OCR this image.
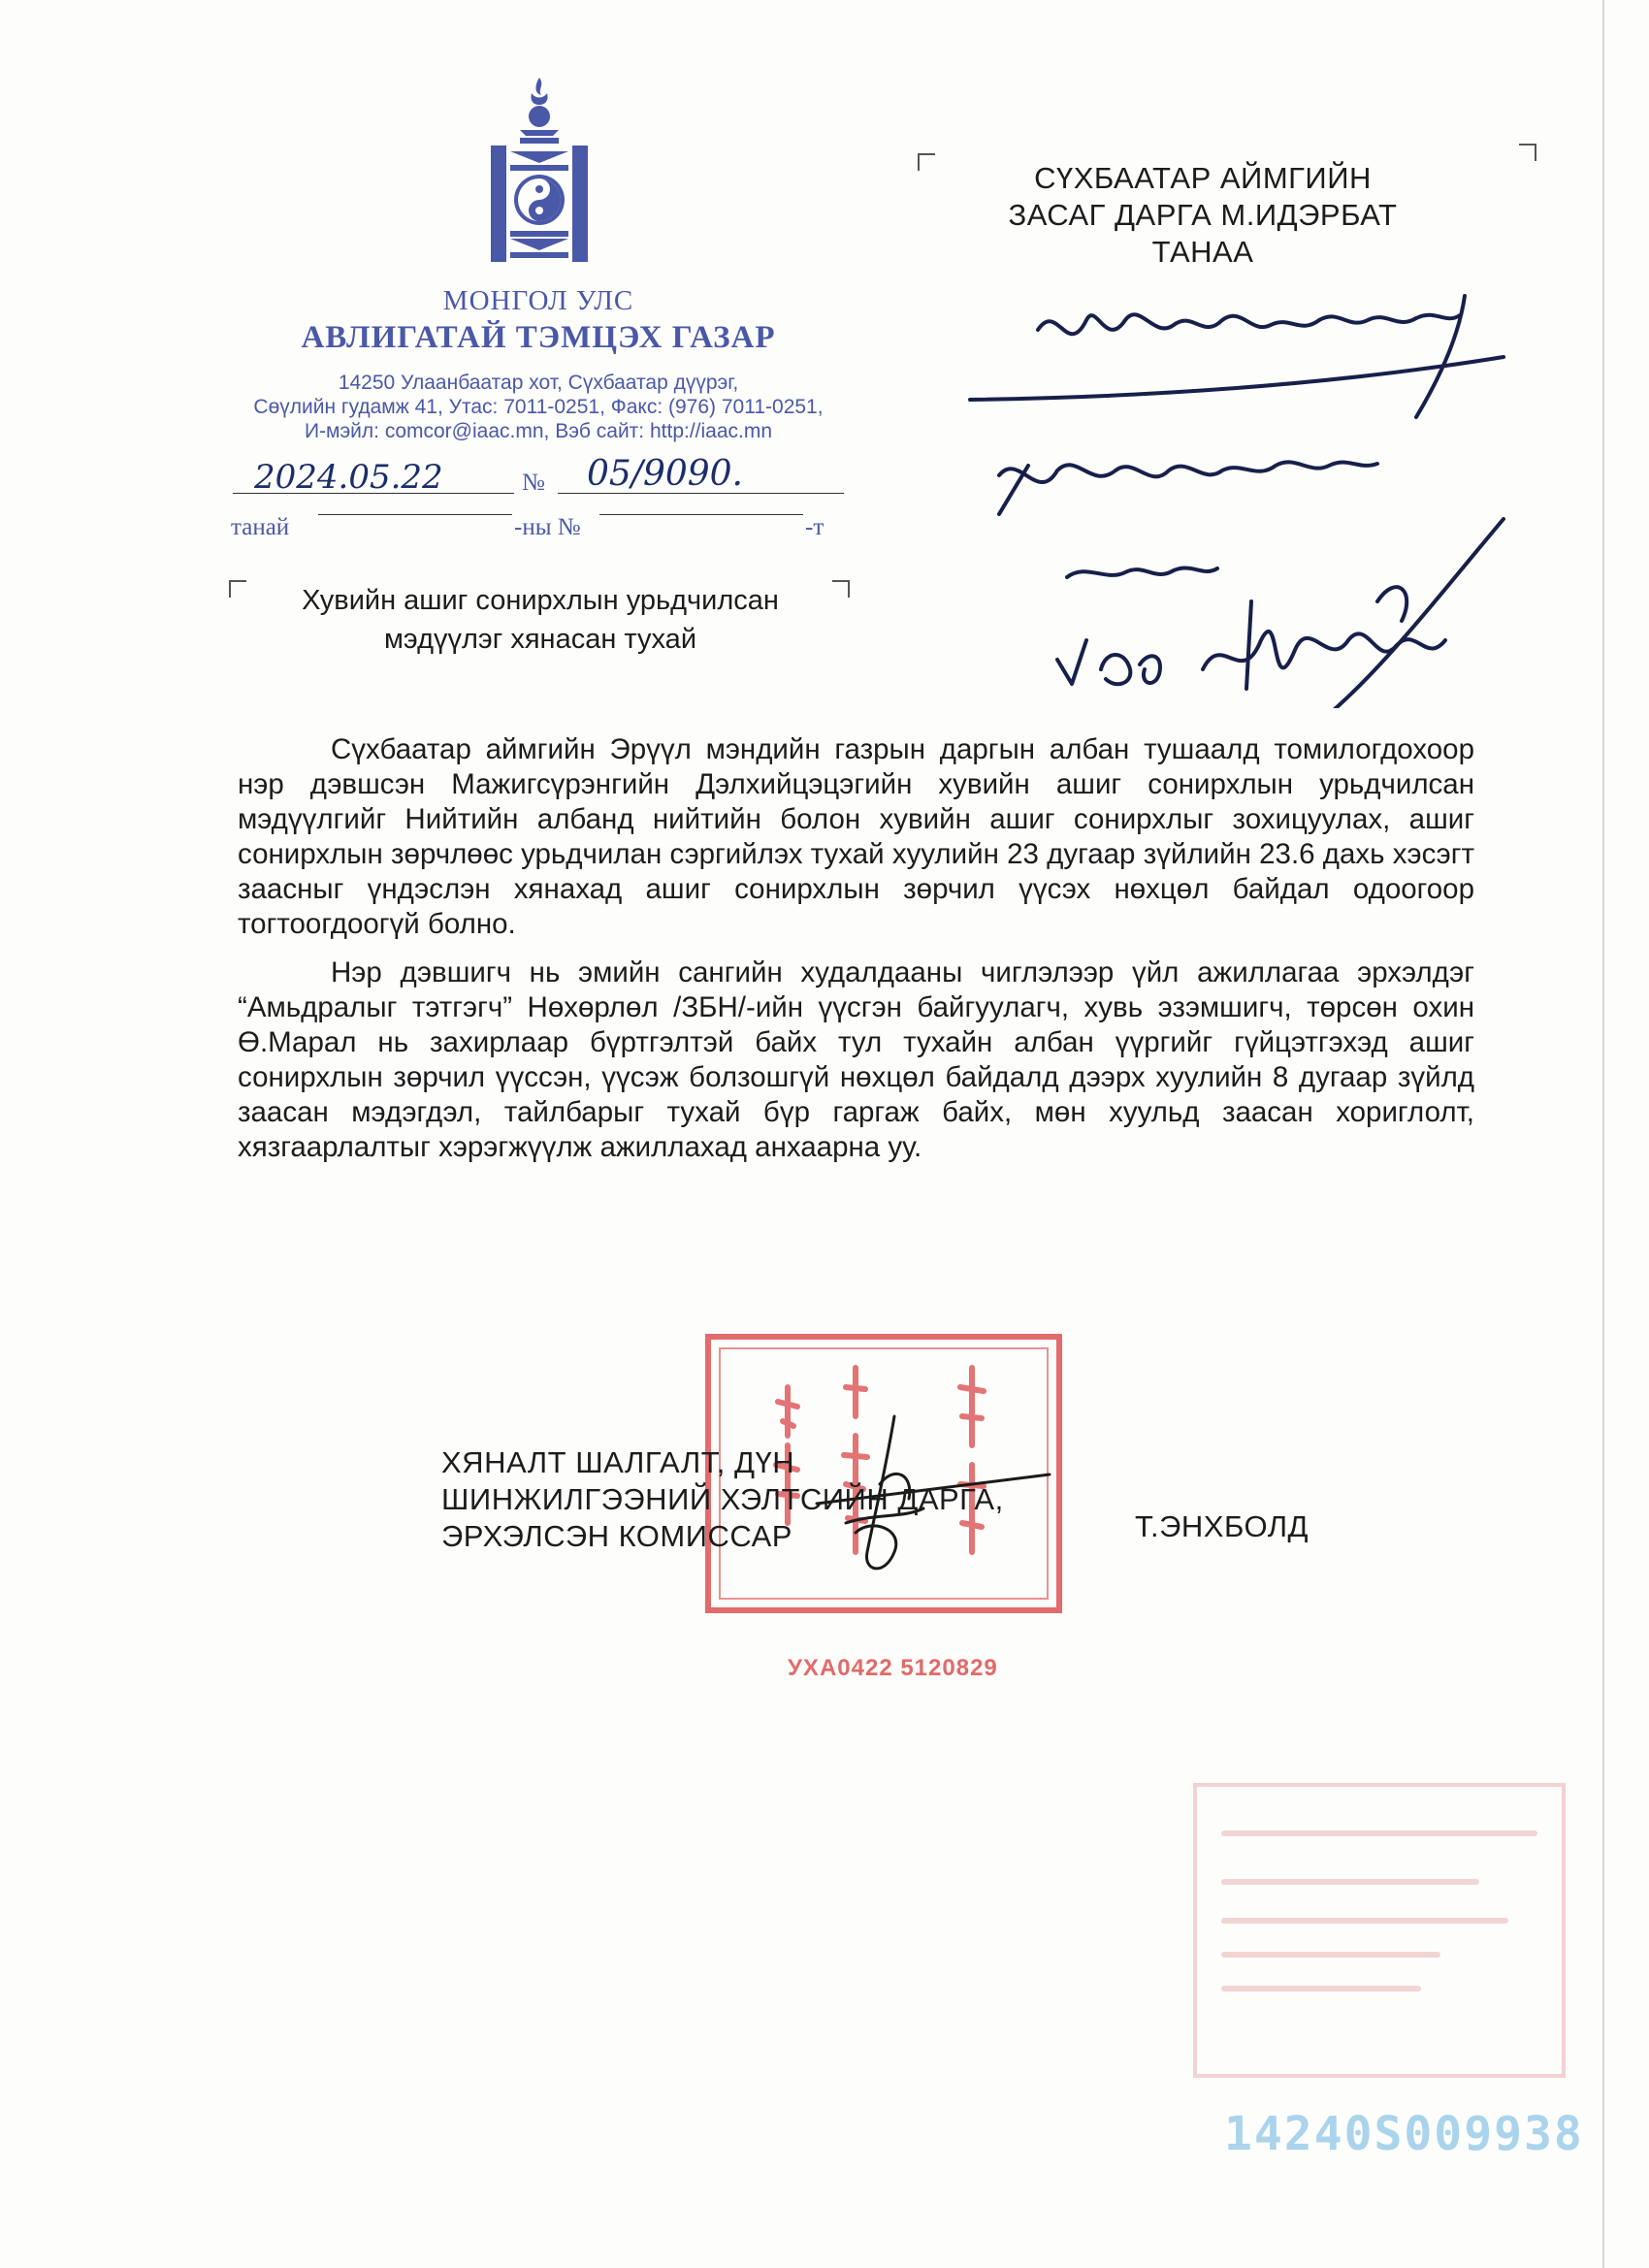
МОНГОЛ УЛС
АВЛИГАТАЙ ТЭМЦЭХ ГАЗАР
14250 Улаанбаатар хот, Сүхбаатар дүүрэг,
Сөүлийн гудамж 41, Утас: 7011-0251, Факс: (976) 7011-0251,
И-мэйл: comcor@iaac.mn, Вэб сайт: http://iaac.mn
2024.05.22	№ 05/9090.
танай	-ны №	-т
Хувийн ашиг сонирхлын урьдчилсан
мэдүүлэг хянасан тухай
СҮХБААТАР АЙМГИЙН
ЗАСАГ ДАРГА М.ИДЭРБАТ
ТАНАА

Сүхбаатар аймгийн Эрүүл мэндийн газрын даргын албан тушаалд томилогдохоор нэр дэвшсэн Мажигсүрэнгийн Дэлхийцэцэгийн хувийн ашиг сонирхлын урьдчилсан мэдүүлгийг Нийтийн албанд нийтийн болон хувийн ашиг сонирхлыг зохицуулах, ашиг сонирхлын зөрчлөөс урьдчилан сэргийлэх тухай хуулийн 23 дугаар зүйлийн 23.6 дахь хэсэгт заасныг үндэслэн хянахад ашиг сонирхлын зөрчил үүсэх нөхцөл байдал одоогоор тогтоогдоогүй болно.

Нэр дэвшигч нь эмийн сангийн худалдааны чиглэлээр үйл ажиллагаа эрхэлдэг “Амьдралыг тэтгэгч” Нөхөрлөл /ЗБН/-ийн үүсгэн байгуулагч, хувь эзэмшигч, төрсөн охин Ө.Марал нь захирлаар бүртгэлтэй байх тул тухайн албан үүргийг гүйцэтгэхэд ашиг сонирхлын зөрчил үүссэн, үүсэж болзошгүй нөхцөл байдалд дээрх хуулийн 8 дугаар зүйлд заасан мэдэгдэл, тайлбарыг тухай бүр гаргаж байх, мөн хуульд заасан хориглолт, хязгаарлалтыг хэрэгжүүлж ажиллахад анхаарна уу.

УХА0422 5120829
ХЯНАЛТ ШАЛГАЛТ, ДҮН
ШИНЖИЛГЭЭНИЙ ХЭЛТСИЙН ДАРГА,
ЭРХЭЛСЭН КОМИССАР	Т.ЭНХБОЛД
14240S009938
